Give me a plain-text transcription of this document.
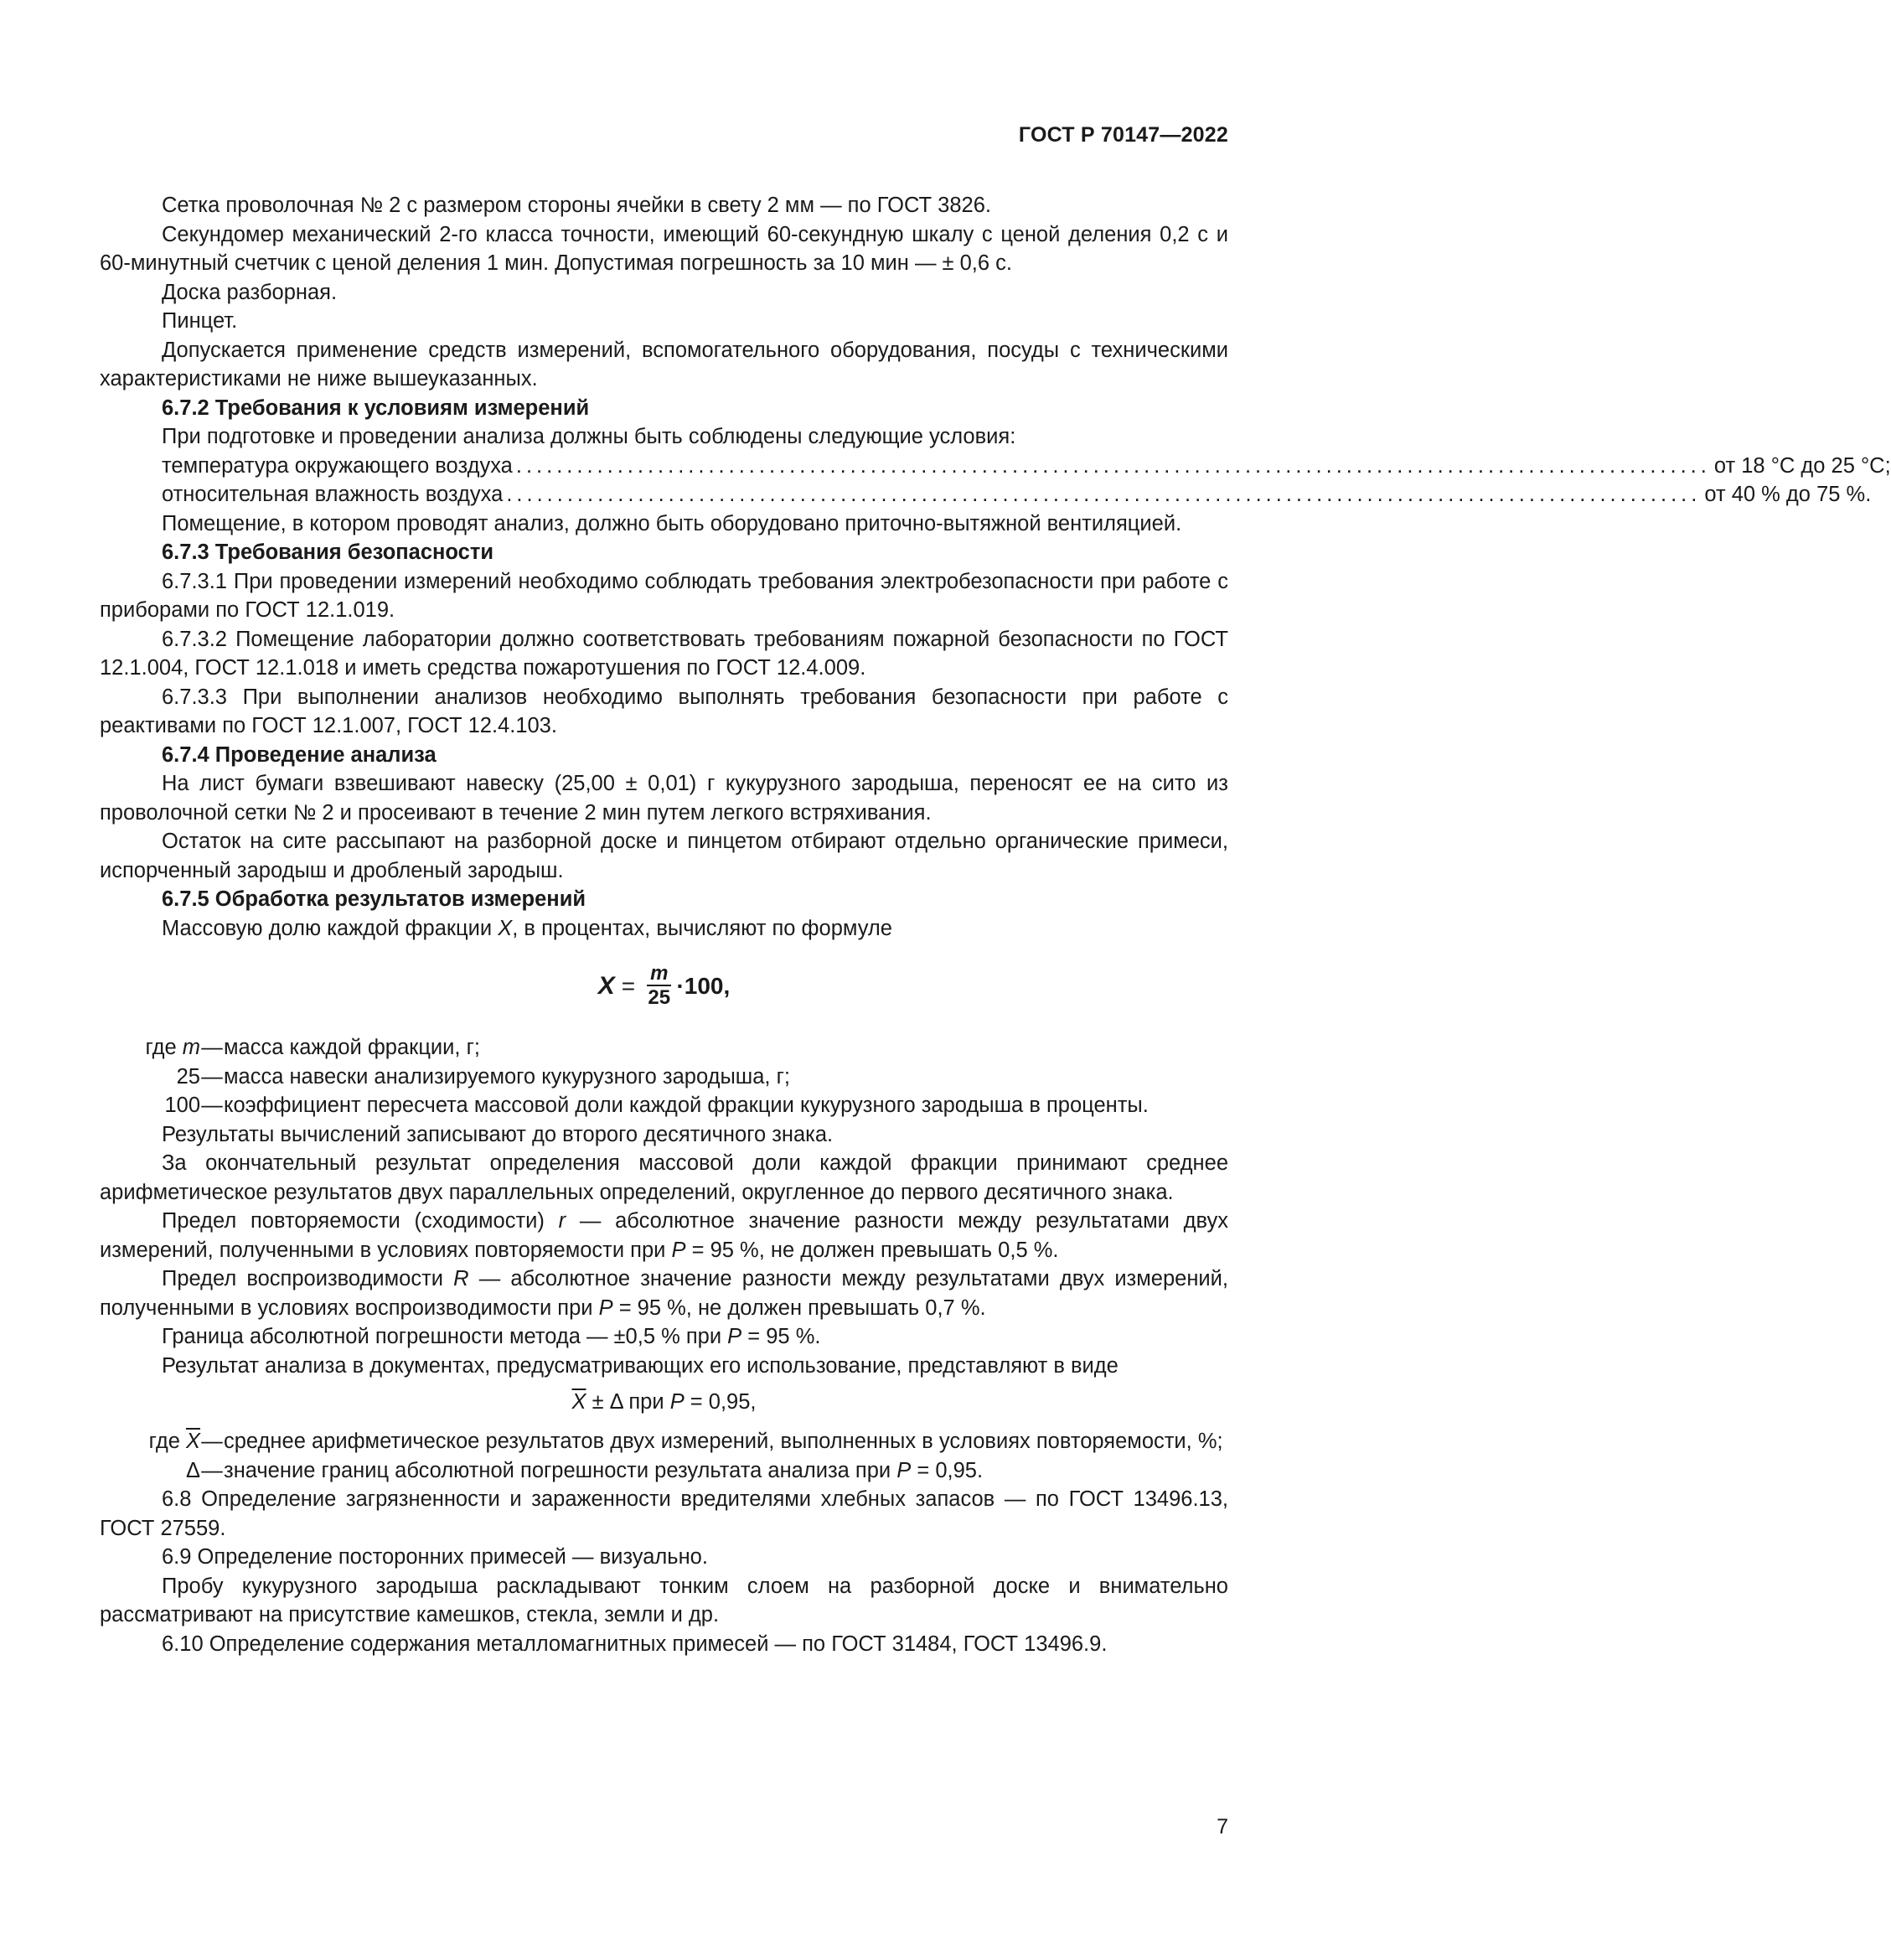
ГОСТ Р 70147—2022

Сетка проволочная № 2 с размером стороны ячейки в свету 2 мм — по ГОСТ 3826.

Секундомер механический 2-го класса точности, имеющий 60-секундную шкалу с ценой деления 0,2 с и 60-минутный счетчик с ценой деления 1 мин. Допустимая погрешность за 10 мин — ± 0,6 с.

Доска разборная.

Пинцет.

Допускается применение средств измерений, вспомогательного оборудования, посуды с техническими характеристиками не ниже вышеуказанных.

6.7.2 Требования к условиям измерений

При подготовке и проведении анализа должны быть соблюдены следующие условия:

температура окружающего воздуха ...................................................................................................................... от 18 °С до 25 °С;
относительная влажность воздуха ...................................................................................................................... от 40 % до 75 %.

Помещение, в котором проводят анализ, должно быть оборудовано приточно-вытяжной вентиляцией.

6.7.3 Требования безопасности

6.7.3.1 При проведении измерений необходимо соблюдать требования электробезопасности при работе с приборами по ГОСТ 12.1.019.

6.7.3.2 Помещение лаборатории должно соответствовать требованиям пожарной безопасности по ГОСТ 12.1.004, ГОСТ 12.1.018 и иметь средства пожаротушения по ГОСТ 12.4.009.

6.7.3.3 При выполнении анализов необходимо выполнять требования безопасности при работе с реактивами по ГОСТ 12.1.007, ГОСТ 12.4.103.

6.7.4 Проведение анализа

На лист бумаги взвешивают навеску (25,00 ± 0,01) г кукурузного зародыша, переносят ее на сито из проволочной сетки № 2 и просеивают в течение 2 мин путем легкого встряхивания.

Остаток на сите рассыпают на разборной доске и пинцетом отбирают отдельно органические примеси, испорченный зародыш и дробленый зародыш.

6.7.5 Обработка результатов измерений

Массовую долю каждой фракции X, в процентах, вычисляют по формуле

$X = \frac{m}{25} \cdot 100$,
где m — масса каждой фракции, г;
25 — масса навески анализируемого кукурузного зародыша, г;
100 — коэффициент пересчета массовой доли каждой фракции кукурузного зародыша в проценты.

Результаты вычислений записывают до второго десятичного знака.

За окончательный результат определения массовой доли каждой фракции принимают среднее арифметическое результатов двух параллельных определений, округленное до первого десятичного знака.

Предел повторяемости (сходимости) r — абсолютное значение разности между результатами двух измерений, полученными в условиях повторяемости при P = 95 %, не должен превышать 0,5 %.

Предел воспроизводимости R — абсолютное значение разности между результатами двух измерений, полученными в условиях воспроизводимости при P = 95 %, не должен превышать 0,7 %.

Граница абсолютной погрешности метода — ±0,5 % при P = 95 %.

Результат анализа в документах, предусматривающих его использование, представляют в виде

$\overline{X} \pm \Delta$ при P = 0,95,
где $\overline{X}$ — среднее арифметическое результатов двух измерений, выполненных в условиях повторяемости, %;
Δ — значение границ абсолютной погрешности результата анализа при P = 0,95.

6.8 Определение загрязненности и зараженности вредителями хлебных запасов — по ГОСТ 13496.13, ГОСТ 27559.

6.9 Определение посторонних примесей — визуально.

Пробу кукурузного зародыша раскладывают тонким слоем на разборной доске и внимательно рассматривают на присутствие камешков, стекла, земли и др.

6.10 Определение содержания металломагнитных примесей — по ГОСТ 31484, ГОСТ 13496.9.

7
